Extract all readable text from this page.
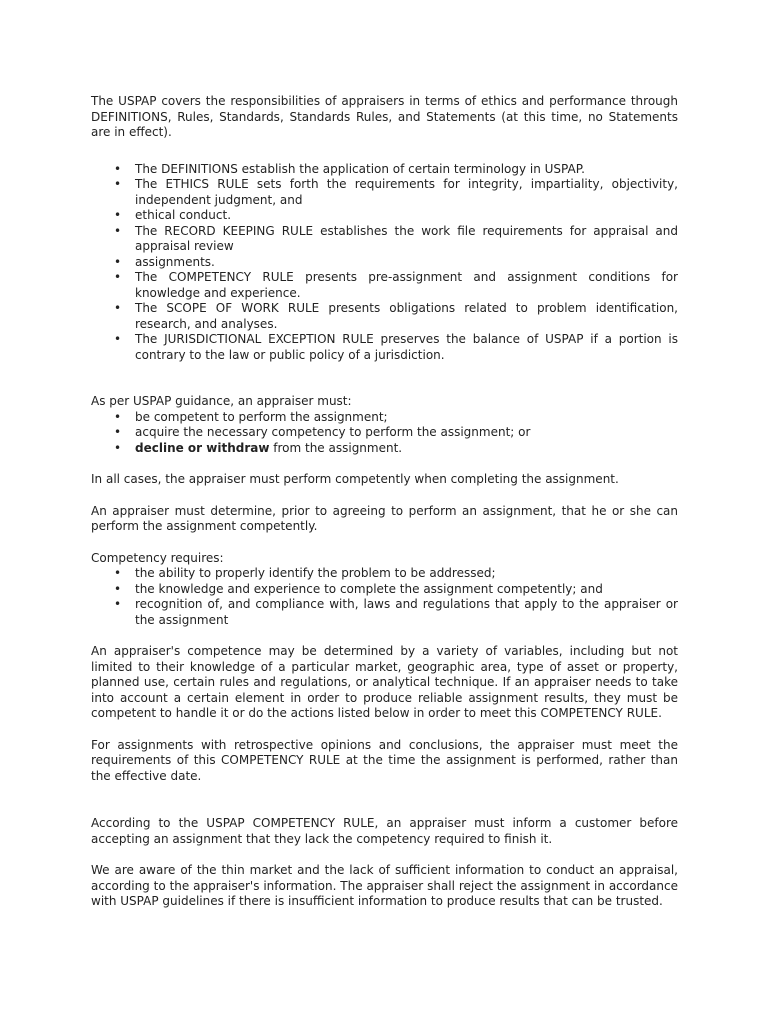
The USPAP covers the responsibilities of appraisers in terms of ethics and performance through DEFINITIONS, Rules, Standards, Standards Rules, and Statements (at this time, no Statements are in effect).

• The DEFINITIONS establish the application of certain terminology in USPAP.
• The ETHICS RULE sets forth the requirements for integrity, impartiality, objectivity, independent judgment, and
• ethical conduct.
• The RECORD KEEPING RULE establishes the work file requirements for appraisal and appraisal review
• assignments.
• The COMPETENCY RULE presents pre-assignment and assignment conditions for knowledge and experience.
• The SCOPE OF WORK RULE presents obligations related to problem identification, research, and analyses.
• The JURISDICTIONAL EXCEPTION RULE preserves the balance of USPAP if a portion is contrary to the law or public policy of a jurisdiction.

As per USPAP guidance, an appraiser must:

• be competent to perform the assignment;
• acquire the necessary competency to perform the assignment; or
• decline or withdraw from the assignment.

In all cases, the appraiser must perform competently when completing the assignment.

An appraiser must determine, prior to agreeing to perform an assignment, that he or she can perform the assignment competently.

Competency requires:

• the ability to properly identify the problem to be addressed;
• the knowledge and experience to complete the assignment competently; and
• recognition of, and compliance with, laws and regulations that apply to the appraiser or the assignment

An appraiser's competence may be determined by a variety of variables, including but not limited to their knowledge of a particular market, geographic area, type of asset or property, planned use, certain rules and regulations, or analytical technique. If an appraiser needs to take into account a certain element in order to produce reliable assignment results, they must be competent to handle it or do the actions listed below in order to meet this COMPETENCY RULE.

For assignments with retrospective opinions and conclusions, the appraiser must meet the requirements of this COMPETENCY RULE at the time the assignment is performed, rather than the effective date.

According to the USPAP COMPETENCY RULE, an appraiser must inform a customer before accepting an assignment that they lack the competency required to finish it.

We are aware of the thin market and the lack of sufficient information to conduct an appraisal, according to the appraiser's information. The appraiser shall reject the assignment in accordance with USPAP guidelines if there is insufficient information to produce results that can be trusted.
